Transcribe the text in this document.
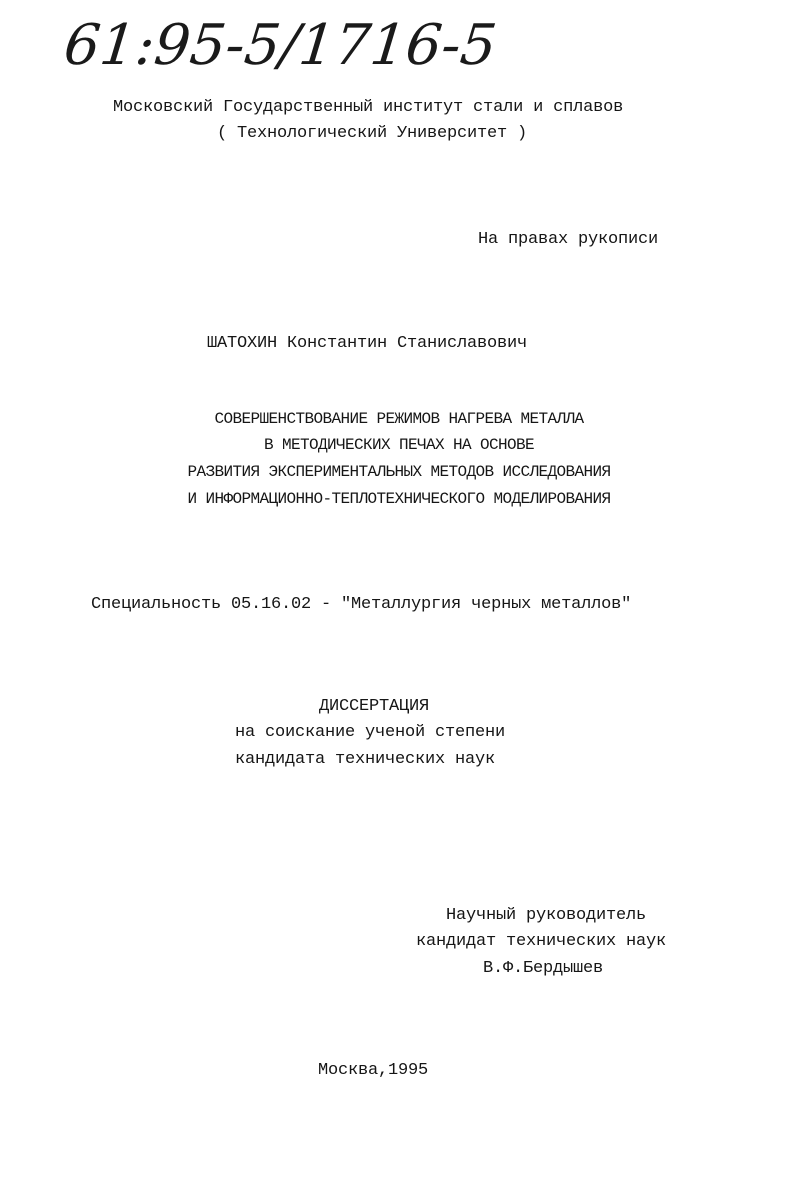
61:95-5/1716-5

Московский Государственный институт стали и сплавов

( Технологический Университет )

На правах рукописи

ШАТОХИН Константин Станиславович

СОВЕРШЕНСТВОВАНИЕ РЕЖИМОВ НАГРЕВА МЕТАЛЛА

В МЕТОДИЧЕСКИХ ПЕЧАХ НА ОСНОВЕ

РАЗВИТИЯ ЭКСПЕРИМЕНТАЛЬНЫХ МЕТОДОВ ИССЛЕДОВАНИЯ

И ИНФОРМАЦИОННО-ТЕПЛОТЕХНИЧЕСКОГО МОДЕЛИРОВАНИЯ

Специальность 05.16.02 - "Металлургия черных металлов"

ДИССЕРТАЦИЯ

на соискание ученой степени

кандидата технических наук

Научный руководитель

кандидат технических наук

В.Ф.Бердышев

Москва,1995
